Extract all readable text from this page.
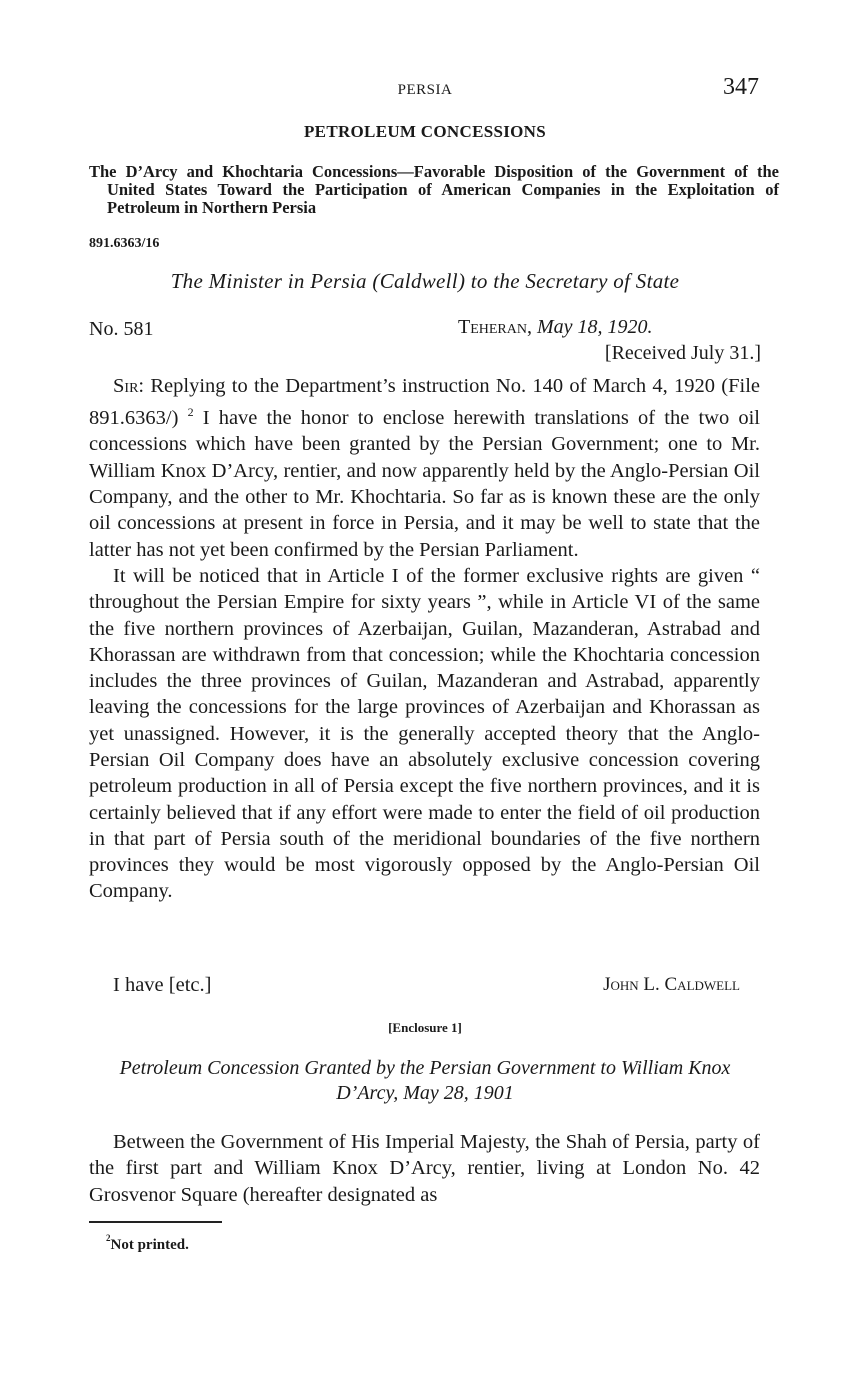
PERSIA	347
PETROLEUM CONCESSIONS
The D’Arcy and Khochtaria Concessions—Favorable Disposition of the Government of the United States Toward the Participation of American Companies in the Exploitation of Petroleum in Northern Persia
891.6363/16
The Minister in Persia (Caldwell) to the Secretary of State
No. 581	Teheran, May 18, 1920.
[Received July 31.]

Sir: Replying to the Department’s instruction No. 140 of March 4, 1920 (File 891.6363/) $^2$ I have the honor to enclose herewith translations of the two oil concessions which have been granted by the Persian Government; one to Mr. William Knox D’Arcy, rentier, and now apparently held by the Anglo-Persian Oil Company, and the other to Mr. Khochtaria. So far as is known these are the only oil concessions at present in force in Persia, and it may be well to state that the latter has not yet been confirmed by the Persian Parliament.

It will be noticed that in Article I of the former exclusive rights are given “ throughout the Persian Empire for sixty years ”, while in Article VI of the same the five northern provinces of Azerbaijan, Guilan, Mazanderan, Astrabad and Khorassan are withdrawn from that concession; while the Khochtaria concession includes the three provinces of Guilan, Mazanderan and Astrabad, apparently leaving the concessions for the large provinces of Azerbaijan and Khorassan as yet unassigned. However, it is the generally accepted theory that the Anglo-Persian Oil Company does have an absolutely exclusive concession covering petroleum production in all of Persia except the five northern provinces, and it is certainly believed that if any effort were made to enter the field of oil production in that part of Persia south of the meridional boundaries of the five northern provinces they would be most vigorously opposed by the Anglo-Persian Oil Company.

I have [etc.]	John L. Caldwell
[Enclosure 1]
Petroleum Concession Granted by the Persian Government to William Knox D’Arcy, May 28, 1901

Between the Government of His Imperial Majesty, the Shah of Persia, party of the first part and William Knox D’Arcy, rentier, living at London No. 42 Grosvenor Square (hereafter designated as

$^2$Not printed.
